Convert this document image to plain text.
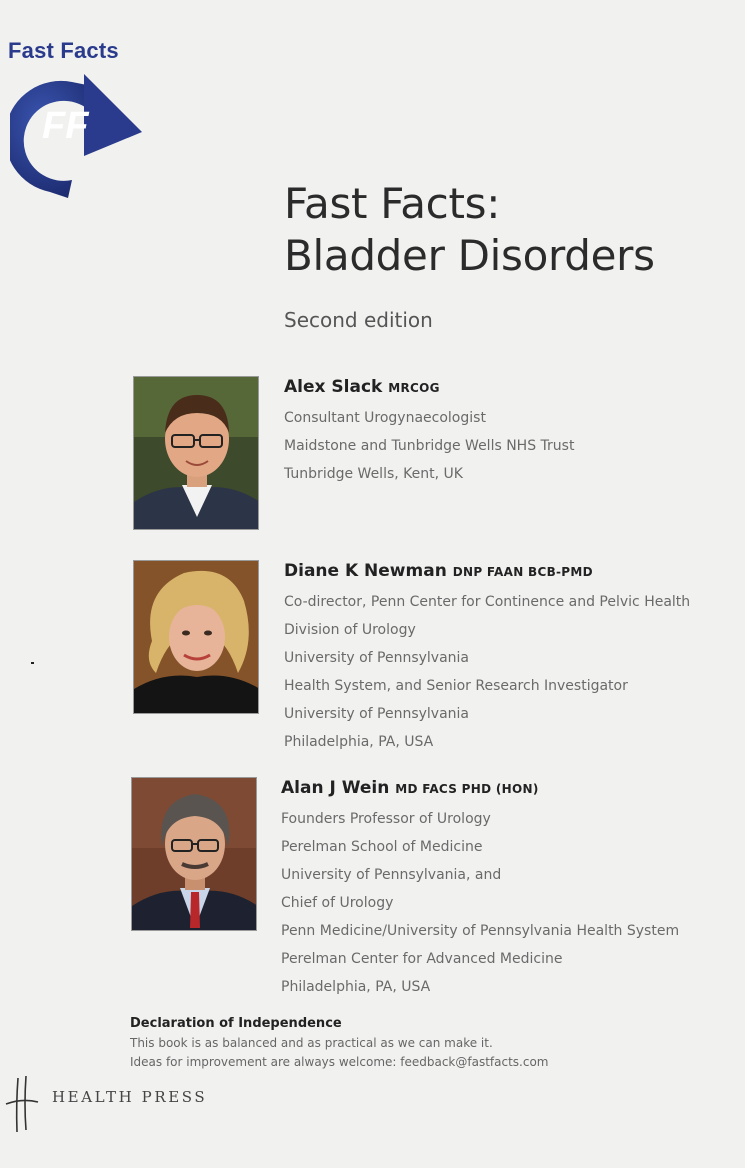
Fast Facts
FF
Fast Facts:
Bladder Disorders
Second edition
Alex Slack MRCOG
Consultant Urogynaecologist
Maidstone and Tunbridge Wells NHS Trust
Tunbridge Wells, Kent, UK
Diane K Newman DNP FAAN BCB-PMD
Co-director, Penn Center for Continence and Pelvic Health
Division of Urology
University of Pennsylvania
Health System, and Senior Research Investigator
University of Pennsylvania
Philadelphia, PA, USA
Alan J Wein MD FACS PHD (HON)
Founders Professor of Urology
Perelman School of Medicine
University of Pennsylvania, and
Chief of Urology
Penn Medicine/University of Pennsylvania Health System
Perelman Center for Advanced Medicine
Philadelphia, PA, USA
Declaration of Independence
This book is as balanced and as practical as we can make it.
Ideas for improvement are always welcome: feedback@fastfacts.com
HEALTH PRESS
